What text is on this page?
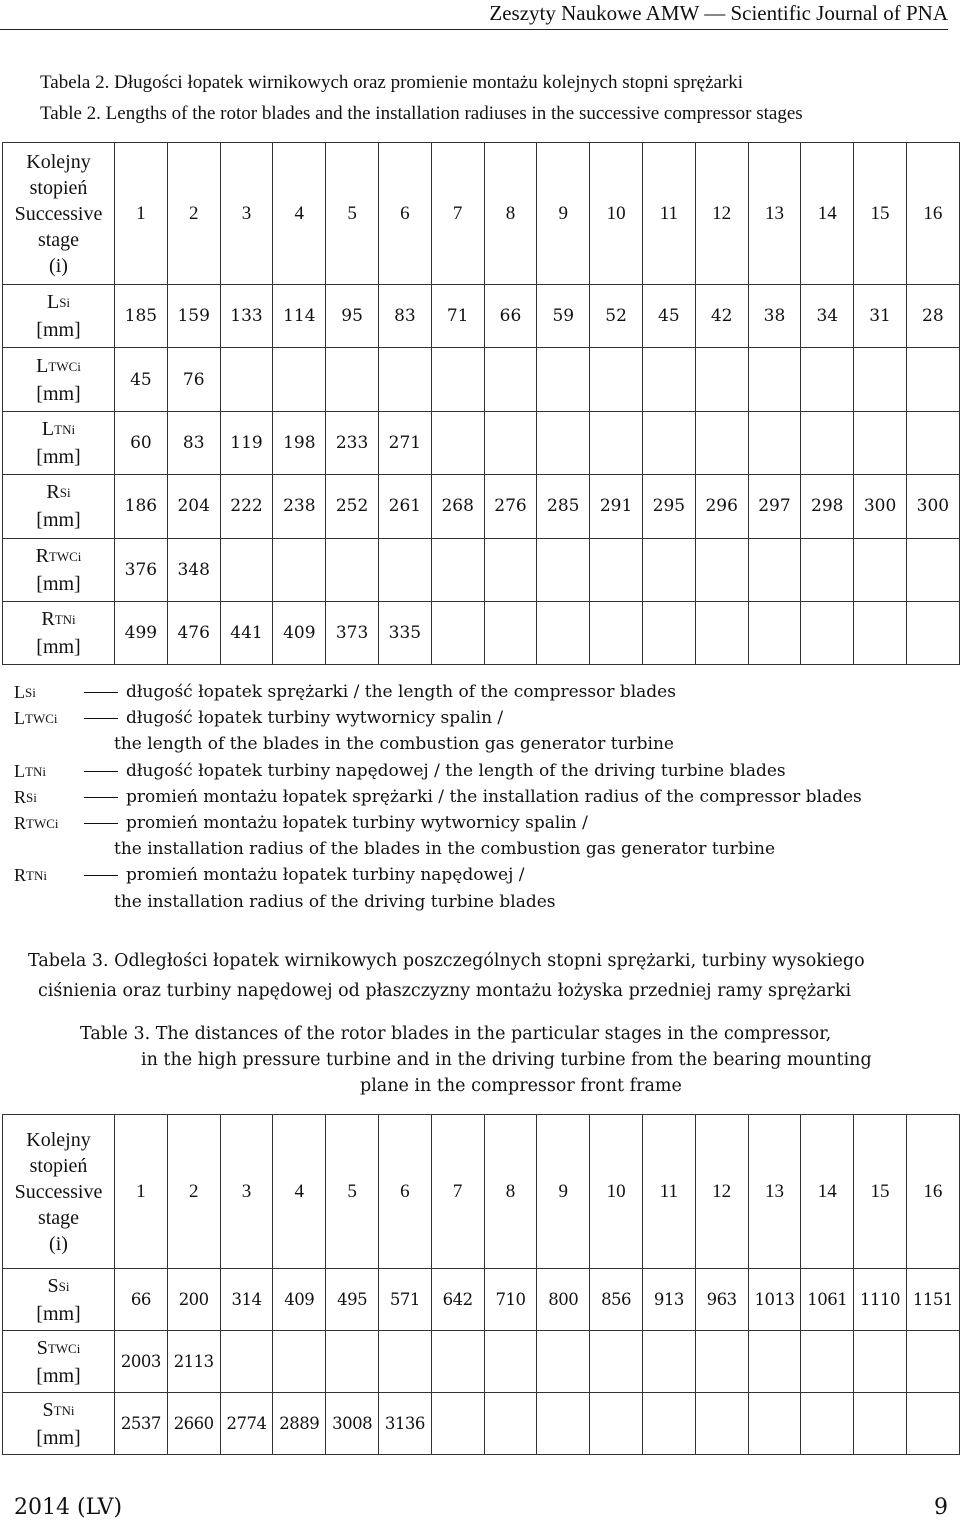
Zeszyty Naukowe AMW — Scientific Journal of PNA
Tabela 2. Długości łopatek wirnikowych oraz promienie montażu kolejnych stopni sprężarki
Table 2. Lengths of the rotor blades and the installation radiuses in the successive compressor stages
Kolejny
stopień
Successive
stage
(i)	1	2	3	4	5	6	7	8	9	10	11	12	13	14	15	16

$L_{Si}$
[mm]	185	159	133	114	95	83	71	66	59	52	45	42	38	34	31	28

$L_{TWCi}$
[mm]	45	76														

$L_{TNi}$
[mm]	60	83	119	198	233	271										

$R_{Si}$
[mm]	186	204	222	238	252	261	268	276	285	291	295	296	297	298	300	300

$R_{TWCi}$
[mm]	376	348														

$R_{TNi}$
[mm]	499	476	441	409	373	335										
$L_{Si}$	długość łopatek sprężarki / the length of the compressor blades
$L_{TWCi}$	długość łopatek turbiny wytwornicy spalin /
the length of the blades in the combustion gas generator turbine
$L_{TNi}$	długość łopatek turbiny napędowej / the length of the driving turbine blades
$R_{Si}$	promień montażu łopatek sprężarki / the installation radius of the compressor blades
$R_{TWCi}$	promień montażu łopatek turbiny wytwornicy spalin /
the installation radius of the blades in the combustion gas generator turbine
$R_{TNi}$	promień montażu łopatek turbiny napędowej /
the installation radius of the driving turbine blades
Tabela 3. Odległości łopatek wirnikowych poszczególnych stopni sprężarki, turbiny wysokiego
ciśnienia oraz turbiny napędowej od płaszczyzny montażu łożyska przedniej ramy sprężarki
Table 3. The distances of the rotor blades in the particular stages in the compressor,
in the high pressure turbine and in the driving turbine from the bearing mounting
plane in the compressor front frame
Kolejny
stopień
Successive
stage
(i)	1	2	3	4	5	6	7	8	9	10	11	12	13	14	15	16

$S_{Si}$
[mm]	66	200	314	409	495	571	642	710	800	856	913	963	1013	1061	1110	1151

$S_{TWCi}$
[mm]	2003	2113														

$S_{TNi}$
[mm]	2537	2660	2774	2889	3008	3136										
2014 (LV)	9
